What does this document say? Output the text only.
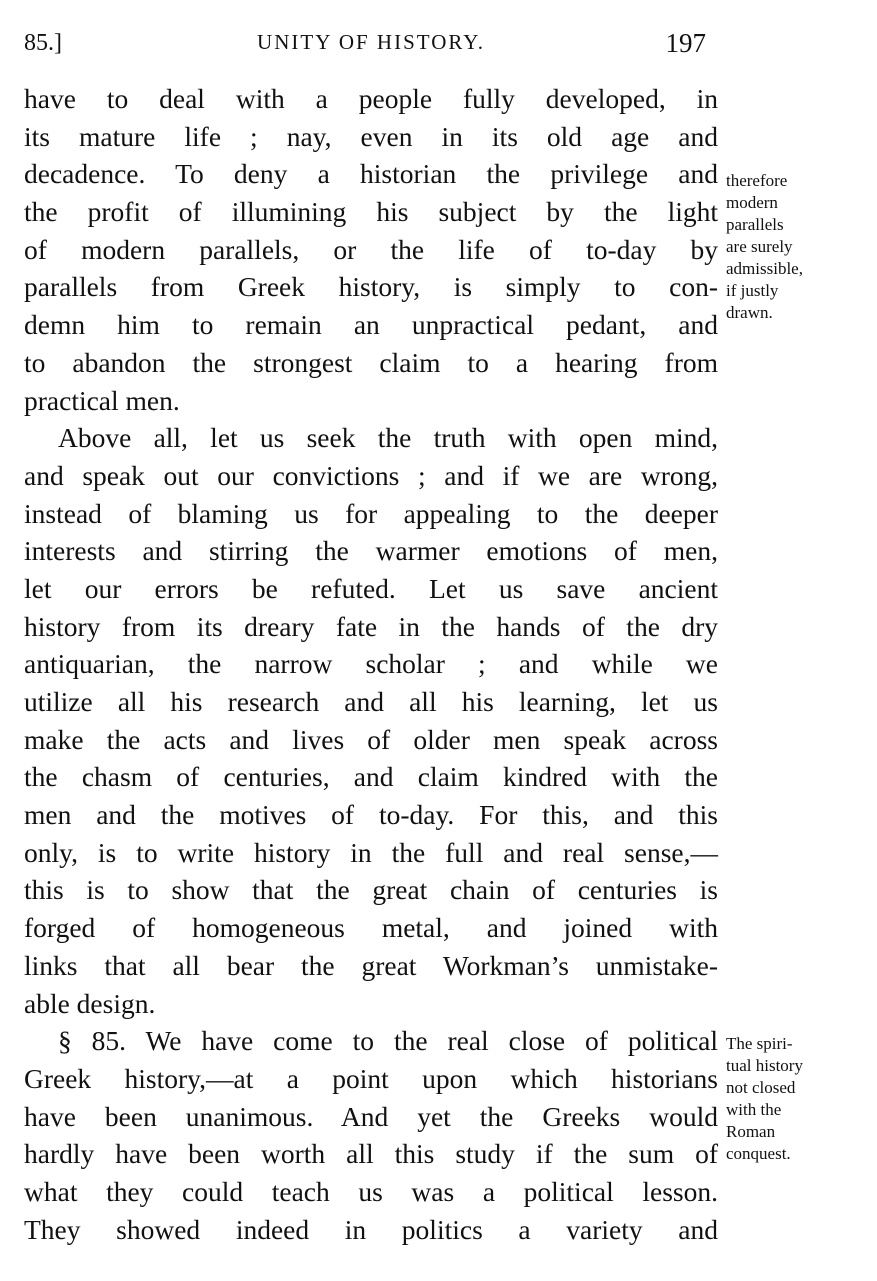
85.]	UNITY OF HISTORY.	197
have to deal with a people fully developed, in
its mature life ; nay, even in its old age and
decadence. To deny a historian the privilege and
the profit of illumining his subject by the light
of modern parallels, or the life of to-day by
parallels from Greek history, is simply to con-
demn him to remain an unpractical pedant, and
to abandon the strongest claim to a hearing from
practical men.
Above all, let us seek the truth with open mind,
and speak out our convictions ; and if we are wrong,
instead of blaming us for appealing to the deeper
interests and stirring the warmer emotions of men,
let our errors be refuted. Let us save ancient
history from its dreary fate in the hands of the dry
antiquarian, the narrow scholar ; and while we
utilize all his research and all his learning, let us
make the acts and lives of older men speak across
the chasm of centuries, and claim kindred with the
men and the motives of to-day. For this, and this
only, is to write history in the full and real sense,—
this is to show that the great chain of centuries is
forged of homogeneous metal, and joined with
links that all bear the great Workman’s unmistake-
able design.
§ 85. We have come to the real close of political
Greek history,—at a point upon which historians
have been unanimous. And yet the Greeks would
hardly have been worth all this study if the sum of
what they could teach us was a political lesson.
They showed indeed in politics a variety and
therefore
modern
parallels
are surely
admissible,
if justly
drawn.
The spiri-
tual history
not closed
with the
Roman
conquest.
